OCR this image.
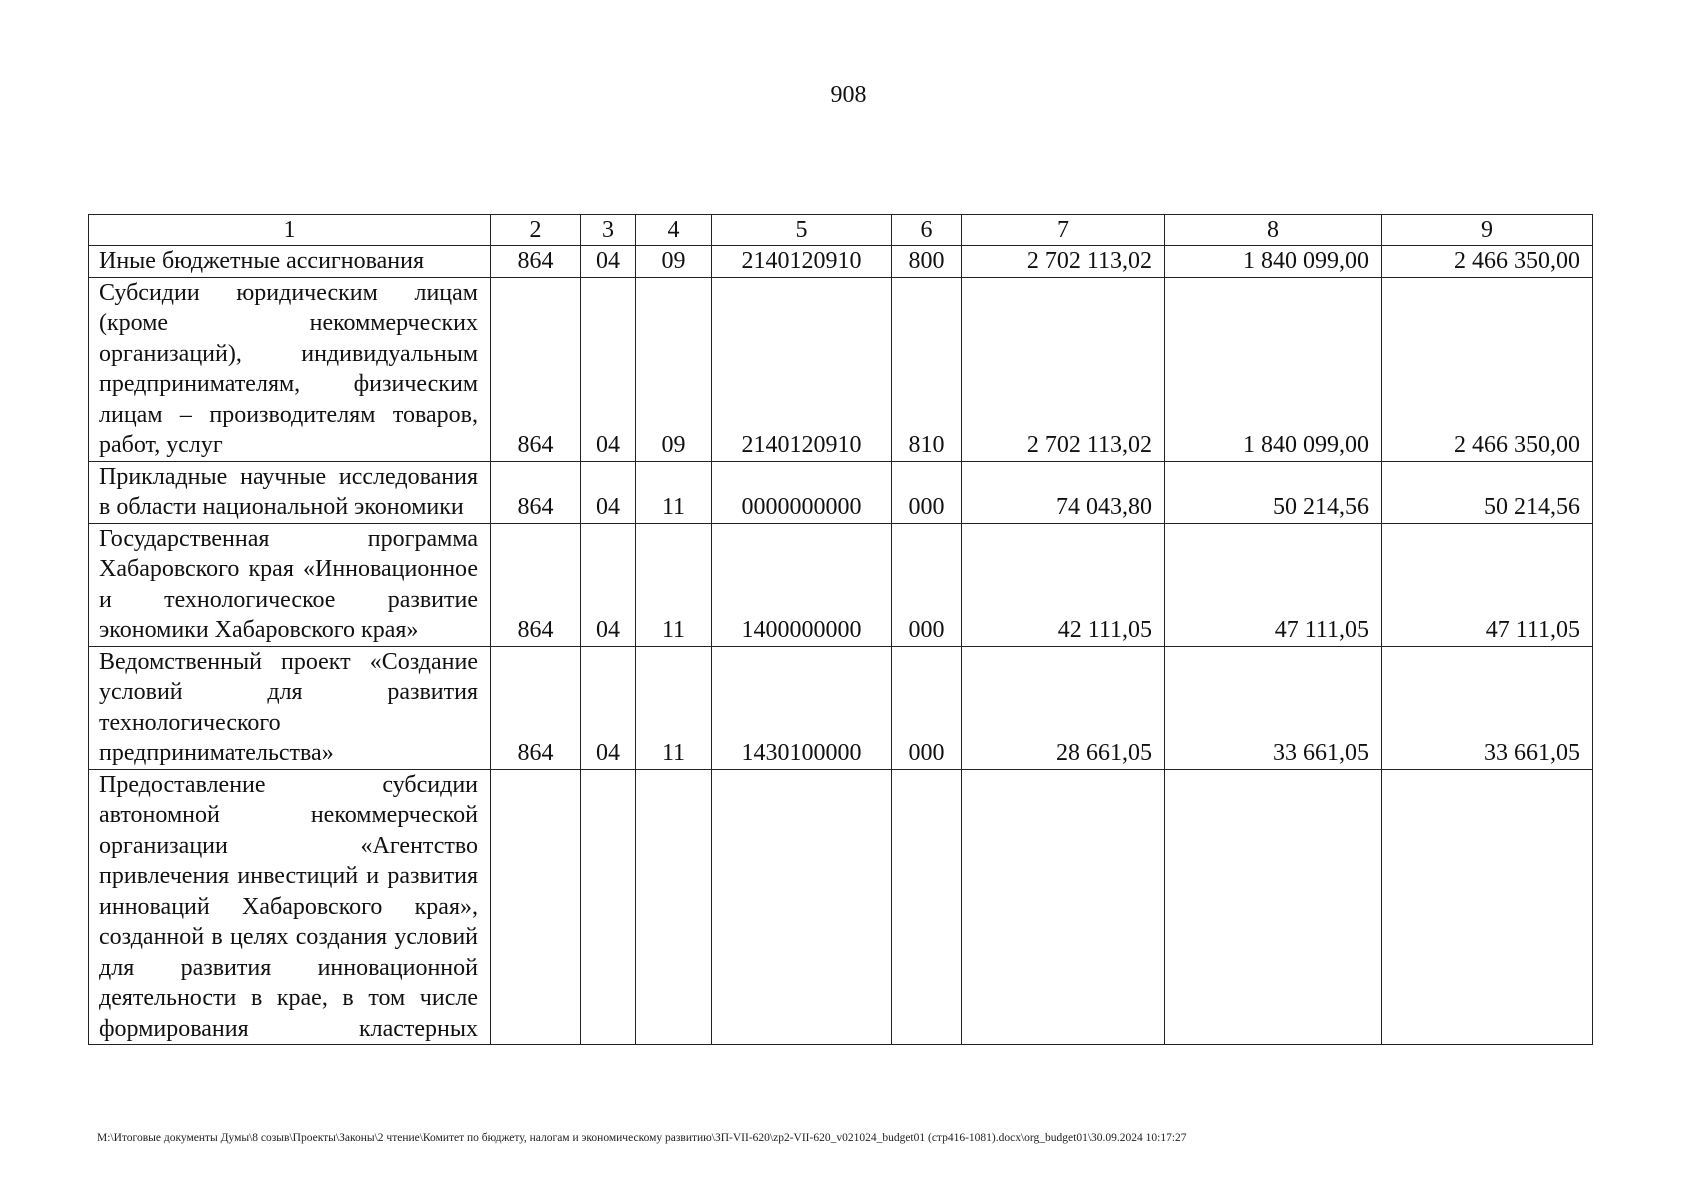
908
1	2	3	4	5	6	7	8	9
Иные бюджетные ассигнования	864	04	09	2140120910	800	2 702 113,02	1 840 099,00	2 466 350,00
Субсидии юридическим лицам (кроме некоммерческих организаций), индивидуальным предпринимателям, физическим лицам – производителям товаров, работ, услуг	864	04	09	2140120910	810	2 702 113,02	1 840 099,00	2 466 350,00
Прикладные научные исследования в области национальной экономики	864	04	11	0000000000	000	74 043,80	50 214,56	50 214,56
Государственная программа Хабаровского края «Инновационное и технологическое развитие экономики Хабаровского края»	864	04	11	1400000000	000	42 111,05	47 111,05	47 111,05
Ведомственный проект «Создание условий для развития технологического предпринимательства»	864	04	11	1430100000	000	28 661,05	33 661,05	33 661,05
Предоставление субсидии автономной некоммерческой организации «Агентство привлечения инвестиций и развития инноваций Хабаровского края», созданной в целях создания условий для развития инновационной деятельности в крае, в том числе формирования кластерных								
M:\Итоговые документы Думы\8 созыв\Проекты\Законы\2 чтение\Комитет по бюджету, налогам и экономическому развитию\ЗП-VII-620\zp2-VII-620_v021024_budget01 (стр416-1081).docx\org_budget01\30.09.2024 10:17:27
